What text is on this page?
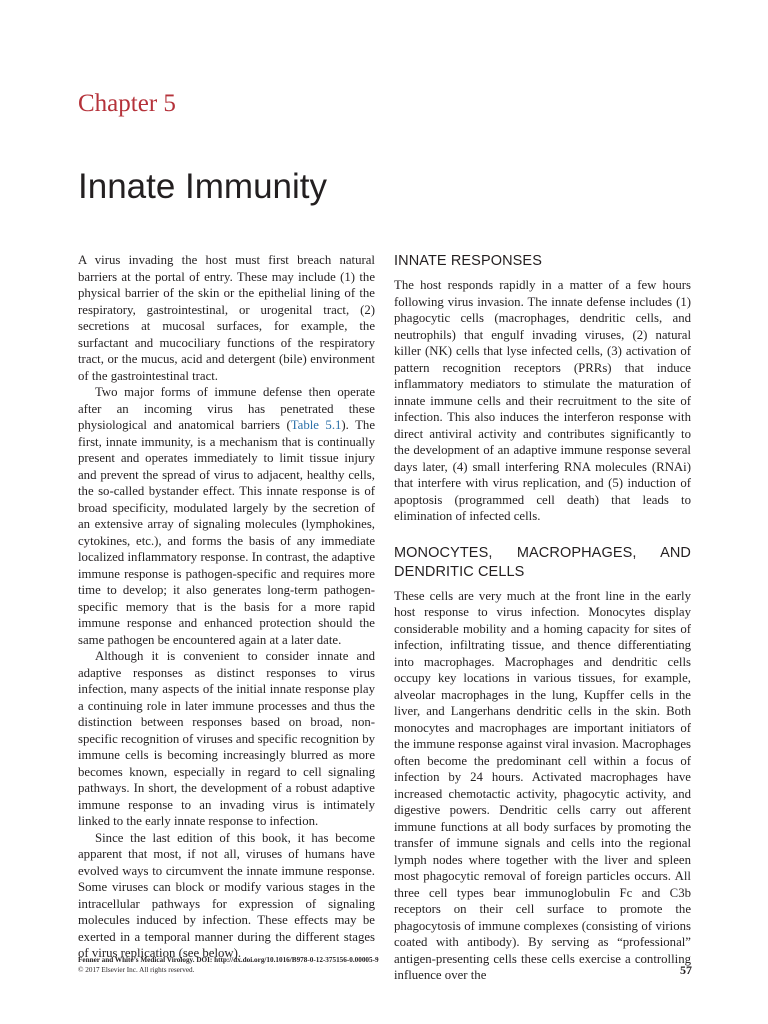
Chapter 5
Innate Immunity

A virus invading the host must first breach natural barriers at the portal of entry. These may include (1) the physical barrier of the skin or the epithelial lining of the respiratory, gastrointestinal, or urogenital tract, (2) secretions at mucosal surfaces, for example, the surfactant and mucociliary functions of the respiratory tract, or the mucus, acid and detergent (bile) environment of the gastrointestinal tract.

Two major forms of immune defense then operate after an incoming virus has penetrated these physiological and anatomical barriers (Table 5.1). The first, innate immunity, is a mechanism that is continually present and operates immediately to limit tissue injury and prevent the spread of virus to adjacent, healthy cells, the so-called bystander effect. This innate response is of broad specificity, modulated largely by the secretion of an extensive array of signaling molecules (lymphokines, cytokines, etc.), and forms the basis of any immediate localized inflammatory response. In contrast, the adaptive immune response is pathogen-specific and requires more time to develop; it also generates long-term pathogen-specific memory that is the basis for a more rapid immune response and enhanced protection should the same pathogen be encountered again at a later date.

Although it is convenient to consider innate and adaptive responses as distinct responses to virus infection, many aspects of the initial innate response play a continuing role in later immune processes and thus the distinction between responses based on broad, non-specific recognition of viruses and specific recognition by immune cells is becoming increasingly blurred as more becomes known, especially in regard to cell signaling pathways. In short, the development of a robust adaptive immune response to an invading virus is intimately linked to the early innate response to infection.

Since the last edition of this book, it has become apparent that most, if not all, viruses of humans have evolved ways to circumvent the innate immune response. Some viruses can block or modify various stages in the intracellular pathways for expression of signaling molecules induced by infection. These effects may be exerted in a temporal manner during the different stages of virus replication (see below).

INNATE RESPONSES

The host responds rapidly in a matter of a few hours following virus invasion. The innate defense includes (1) phagocytic cells (macrophages, dendritic cells, and neutrophils) that engulf invading viruses, (2) natural killer (NK) cells that lyse infected cells, (3) activation of pattern recognition receptors (PRRs) that induce inflammatory mediators to stimulate the maturation of innate immune cells and their recruitment to the site of infection. This also induces the interferon response with direct antiviral activity and contributes significantly to the development of an adaptive immune response several days later, (4) small interfering RNA molecules (RNAi) that interfere with virus replication, and (5) induction of apoptosis (programmed cell death) that leads to elimination of infected cells.

MONOCYTES, MACROPHAGES, AND DENDRITIC CELLS

These cells are very much at the front line in the early host response to virus infection. Monocytes display considerable mobility and a homing capacity for sites of infection, infiltrating tissue, and thence differentiating into macrophages. Macrophages and dendritic cells occupy key locations in various tissues, for example, alveolar macrophages in the lung, Kupffer cells in the liver, and Langerhans dendritic cells in the skin. Both monocytes and macrophages are important initiators of the immune response against viral invasion. Macrophages often become the predominant cell within a focus of infection by 24 hours. Activated macrophages have increased chemotactic activity, phagocytic activity, and digestive powers. Dendritic cells carry out afferent immune functions at all body surfaces by promoting the transfer of immune signals and cells into the regional lymph nodes where together with the liver and spleen most phagocytic removal of foreign particles occurs. All three cell types bear immunoglobulin Fc and C3b receptors on their cell surface to promote the phagocytosis of immune complexes (consisting of virions coated with antibody). By serving as “professional” antigen-presenting cells these cells exercise a controlling influence over the

Fenner and White’s Medical Virology. DOI: http://dx.doi.org/10.1016/B978-0-12-375156-0.00005-9
© 2017 Elsevier Inc. All rights reserved.	57
